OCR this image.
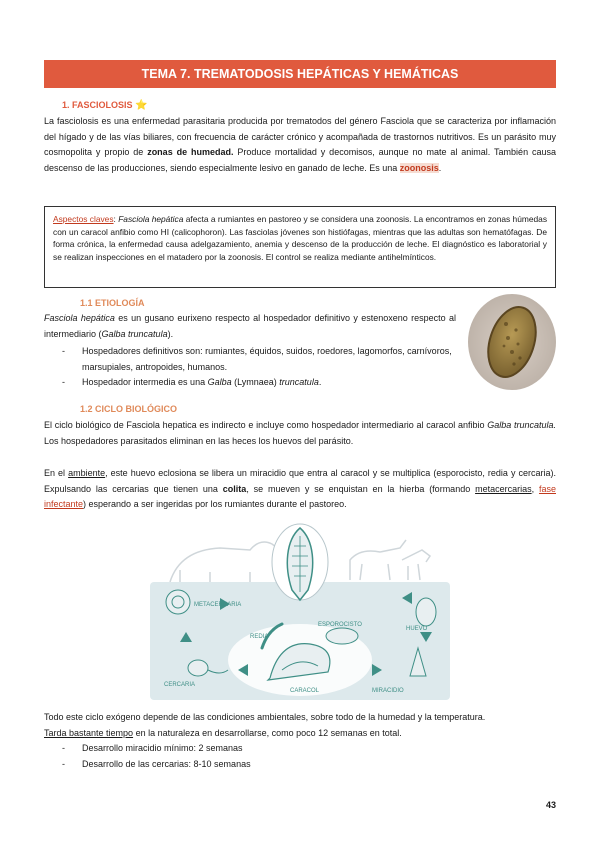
TEMA 7. TREMATODOSIS HEPÁTICAS Y HEMÁTICAS
1. FASCIOLOSIS ⭐
La fasciolosis es una enfermedad parasitaria producida por trematodos del género Fasciola que se caracteriza por inflamación del hígado y de las vías biliares, con frecuencia de carácter crónico y acompañada de trastornos nutritivos. Es un parásito muy cosmopolita y propio de zonas de humedad. Produce mortalidad y decomisos, aunque no mate al animal. También causa descenso de las producciones, siendo especialmente lesivo en ganado de leche. Es una zoonosis.
Aspectos claves: Fasciola hepática afecta a rumiantes en pastoreo y se considera una zoonosis. La encontramos en zonas húmedas con un caracol anfibio como HI (calicophoron). Las fasciolas jóvenes son histiófagas, mientras que las adultas son hematófagas. De forma crónica, la enfermedad causa adelgazamiento, anemia y descenso de la producción de leche. El diagnóstico es laboratorial y se realizan inspecciones en el matadero por la zoonosis. El control se realiza mediante antihelmínticos.
1.1 ETIOLOGÍA
Fasciola hepática es un gusano eurixeno respecto al hospedador definitivo y estenoxeno respecto al intermediario (Galba truncatula).
- Hospedadores definitivos son: rumiantes, équidos, suidos, roedores, lagomorfos, carnívoros, marsupiales, antropoides, humanos.
- Hospedador intermedia es una Galba (Lymnaea) truncatula.
1.2 CICLO BIOLÓGICO
El ciclo biológico de Fasciola hepatica es indirecto e incluye como hospedador intermediario al caracol anfibio Galba truncatula. Los hospedadores parasitados eliminan en las heces los huevos del parásito.
En el ambiente, este huevo eclosiona se libera un miracidio que entra al caracol y se multiplica (esporocisto, redia y cercaria). Expulsando las cercarias que tienen una colita, se mueven y se enquistan en la hierba (formando metacercarias, fase infectante) esperando a ser ingeridas por los rumiantes durante el pastoreo.
METACERCARIA
HUEVO
CERCARIA
MIRACIDIO
REDIA
ESPOROCISTO
CARACOL
Todo este ciclo exógeno depende de las condiciones ambientales, sobre todo de la humedad y la temperatura.
Tarda bastante tiempo en la naturaleza en desarrollarse, como poco 12 semanas en total.
- Desarrollo miracidio mínimo: 2 semanas
- Desarrollo de las cercarias: 8-10 semanas
43
